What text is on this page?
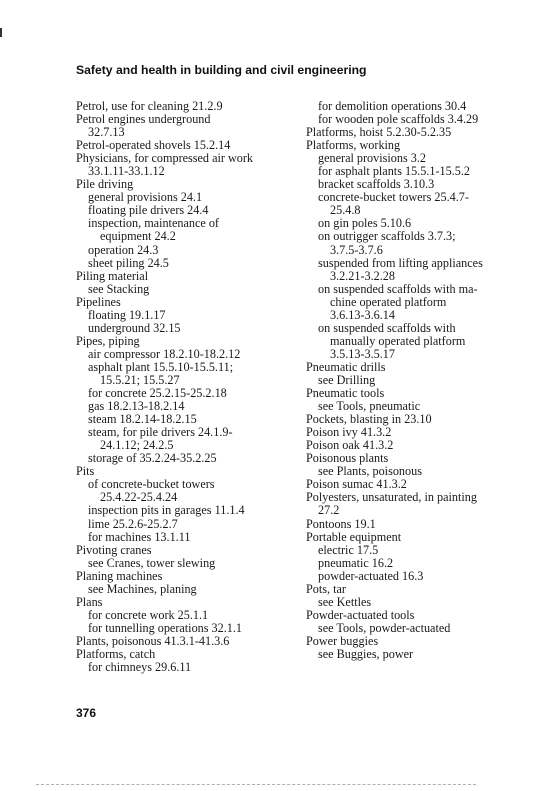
Safety and health in building and civil engineering
Petrol, use for cleaning 21.2.9
Petrol engines underground
32.7.13
Petrol-operated shovels 15.2.14
Physicians, for compressed air work
33.1.11-33.1.12
Pile driving
general provisions 24.1
floating pile drivers 24.4
inspection, maintenance of
equipment 24.2
operation 24.3
sheet piling 24.5
Piling material
see Stacking
Pipelines
floating 19.1.17
underground 32.15
Pipes, piping
air compressor 18.2.10-18.2.12
asphalt plant 15.5.10-15.5.11;
15.5.21; 15.5.27
for concrete 25.2.15-25.2.18
gas 18.2.13-18.2.14
steam 18.2.14-18.2.15
steam, for pile drivers 24.1.9-
24.1.12; 24.2.5
storage of 35.2.24-35.2.25
Pits
of concrete-bucket towers
25.4.22-25.4.24
inspection pits in garages 11.1.4
lime 25.2.6-25.2.7
for machines 13.1.11
Pivoting cranes
see Cranes, tower slewing
Planing machines
see Machines, planing
Plans
for concrete work 25.1.1
for tunnelling operations 32.1.1
Plants, poisonous 41.3.1-41.3.6
Platforms, catch
for chimneys 29.6.11
for demolition operations 30.4
for wooden pole scaffolds 3.4.29
Platforms, hoist 5.2.30-5.2.35
Platforms, working
general provisions 3.2
for asphalt plants 15.5.1-15.5.2
bracket scaffolds 3.10.3
concrete-bucket towers 25.4.7-
25.4.8
on gin poles 5.10.6
on outrigger scaffolds 3.7.3;
3.7.5-3.7.6
suspended from lifting appliances
3.2.21-3.2.28
on suspended scaffolds with ma-
chine operated platform
3.6.13-3.6.14
on suspended scaffolds with
manually operated platform
3.5.13-3.5.17
Pneumatic drills
see Drilling
Pneumatic tools
see Tools, pneumatic
Pockets, blasting in 23.10
Poison ivy 41.3.2
Poison oak 41.3.2
Poisonous plants
see Plants, poisonous
Poison sumac 41.3.2
Polyesters, unsaturated, in painting
27.2
Pontoons 19.1
Portable equipment
electric 17.5
pneumatic 16.2
powder-actuated 16.3
Pots, tar
see Kettles
Powder-actuated tools
see Tools, powder-actuated
Power buggies
see Buggies, power
376
